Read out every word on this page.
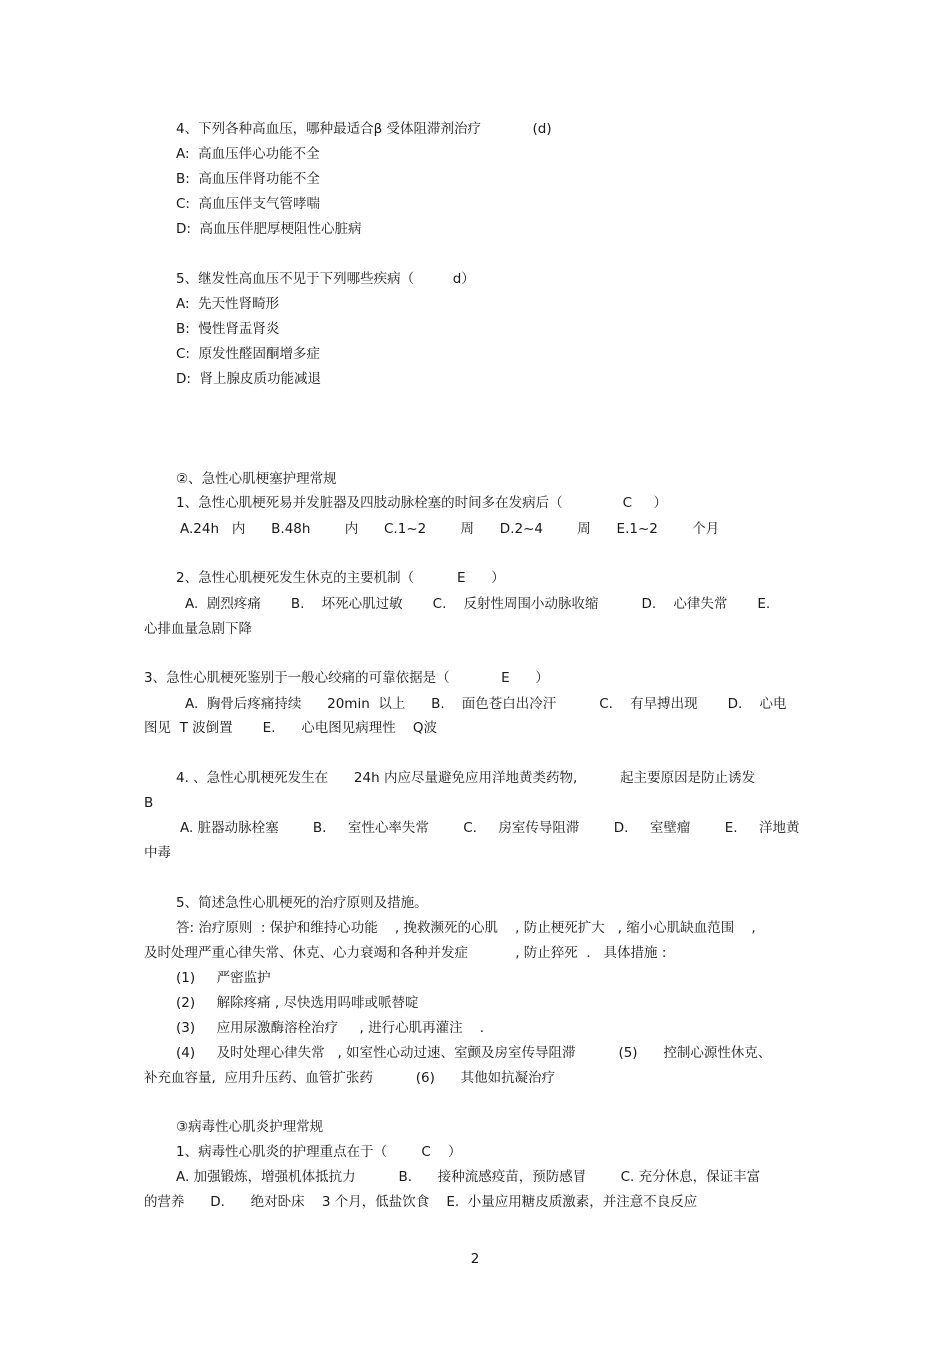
4、下列各种高血压，哪种最适合β 受体阻滞剂治疗            (d)

A:  高血压伴心功能不全

B:  高血压伴肾功能不全

C:  高血压伴支气管哮喘

D:  高血压伴肥厚梗阻性心脏病

5、继发性高血压不见于下列哪些疾病（         d）

A:  先天性肾畸形

B:  慢性肾盂肾炎

C:  原发性醛固酮增多症

D:  肾上腺皮质功能减退

②、急性心肌梗塞护理常规

1、急性心肌梗死易并发脏器及四肢动脉栓塞的时间多在发病后（              C     ）

A.24h   内      B.48h        内      C.1~2        周      D.2~4        周      E.1~2        个月

2、急性心肌梗死发生休克的主要机制（          E      ）

A.  剧烈疼痛       B.    坏死心肌过敏       C.    反射性周围小动脉收缩          D.    心律失常       E.

心排血量急剧下降

3、急性心肌梗死鉴别于一般心绞痛的可靠依据是（            E      ）

A.  胸骨后疼痛持续      20min  以上      B.    面色苍白出冷汗          C.    有早搏出现       D.    心电

图见  T 波倒置       E.      心电图见病理性    Q波

4. 、急性心肌梗死发生在      24h 内应尽量避免应用洋地黄类药物,          起主要原因是防止诱发

B

A. 脏器动脉栓塞        B.     室性心率失常        C.     房室传导阻滞        D.     室壁瘤        E.     洋地黄

中毒

5、简述急性心肌梗死的治疗原则及措施。

答: 治疗原则  : 保护和维持心功能    , 挽救濒死的心肌    , 防止梗死扩大   , 缩小心肌缺血范围    ,

及时处理严重心律失常、休克、心力衰竭和各种并发症           , 防止猝死  .   具体措施 :

(1)     严密监护

(2)     解除疼痛 , 尽快选用吗啡或哌替啶

(3)     应用尿激酶溶栓治疗     , 进行心肌再灌注    .

(4)     及时处理心律失常   , 如室性心动过速、室颤及房室传导阻滞          (5)      控制心源性休克、

补充血容量,  应用升压药、血管扩张药          (6)      其他如抗凝治疗

③病毒性心肌炎护理常规

1、病毒性心肌炎的护理重点在于（        C    ）

A. 加强锻炼，增强机体抵抗力          B.      接种流感疫苗，预防感冒        C. 充分休息，保证丰富

的营养      D.      绝对卧床    3 个月，低盐饮食    E.  小量应用糖皮质激素，并注意不良反应

2
